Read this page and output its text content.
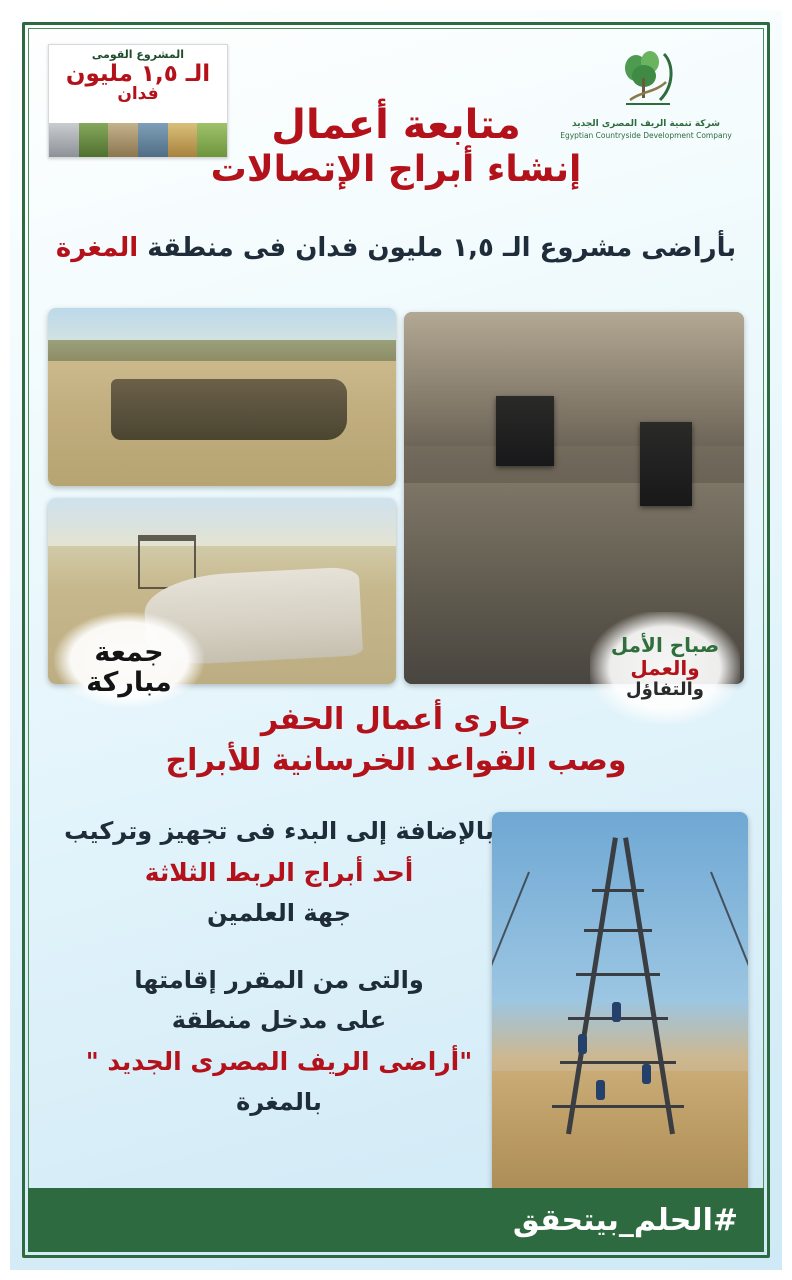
المشروع القومى
الـ ١,٥ مليون
فدان
شركة تنمية الريف المصرى الجديد
Egyptian Countryside Development Company
متابعة أعمال
إنشاء أبراج الإتصالات
بأراضى مشروع الـ ١,٥ مليون فدان فى منطقة المغرة
جمعة مباركة
صباح الأمل
والعمل
والتفاؤل
جارى أعمال الحفر
وصب القواعد الخرسانية للأبراج

بالإضافة إلى البدء فى تجهيز وتركيب

أحد أبراج الربط الثلاثة

جهة العلمين

والتى من المقرر إقامتها

على مدخل منطقة

"أراضى الريف المصرى الجديد "

بالمغرة

#الحلم_بيتحقق
